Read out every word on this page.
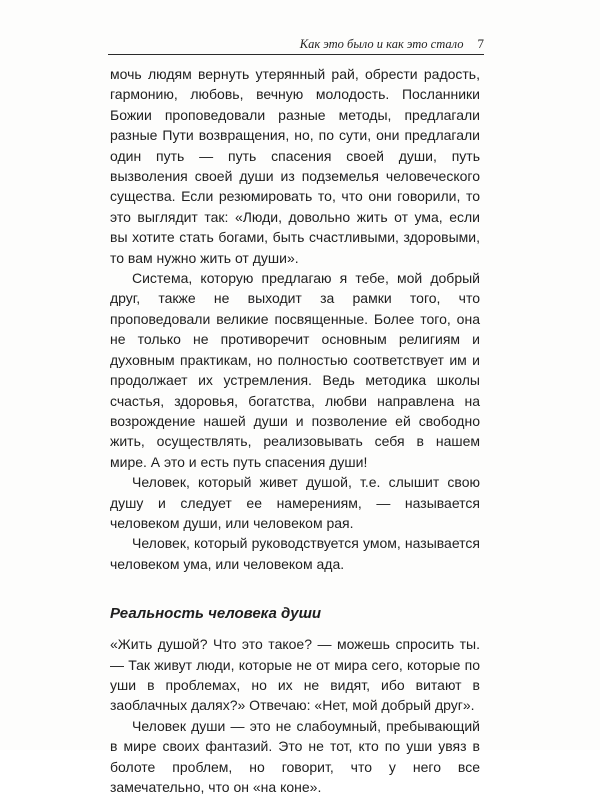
Как это было и как это стало 7

мочь людям вернуть утерянный рай, обрести радость, гармонию, любовь, вечную молодость. Посланники Божии проповедовали разные методы, предлагали разные Пути возвращения, но, по сути, они предлагали один путь — путь спасения своей души, путь вызволения своей души из подземелья человеческого существа. Если резюмировать то, что они говорили, то это выглядит так: «Люди, довольно жить от ума, если вы хотите стать богами, быть счастливыми, здоровыми, то вам нужно жить от души».

Система, которую предлагаю я тебе, мой добрый друг, также не выходит за рамки того, что проповедовали великие посвященные. Более того, она не только не противоречит основным религиям и духовным практикам, но полностью соответствует им и продолжает их устремления. Ведь методика школы счастья, здоровья, богатства, любви направлена на возрождение нашей души и позволение ей свободно жить, осуществлять, реализовывать себя в нашем мире. А это и есть путь спасения души!

Человек, который живет душой, т.е. слышит свою душу и следует ее намерениям, — называется человеком души, или человеком рая.

Человек, который руководствуется умом, называется человеком ума, или человеком ада.

Реальность человека души

«Жить душой? Что это такое? — можешь спросить ты. — Так живут люди, которые не от мира сего, которые по уши в проблемах, но их не видят, ибо витают в заоблачных далях?» Отвечаю: «Нет, мой добрый друг».

Человек души — это не слабоумный, пребывающий в мире своих фантазий. Это не тот, кто по уши увяз в болоте проблем, но говорит, что у него все замечательно, что он «на коне».
